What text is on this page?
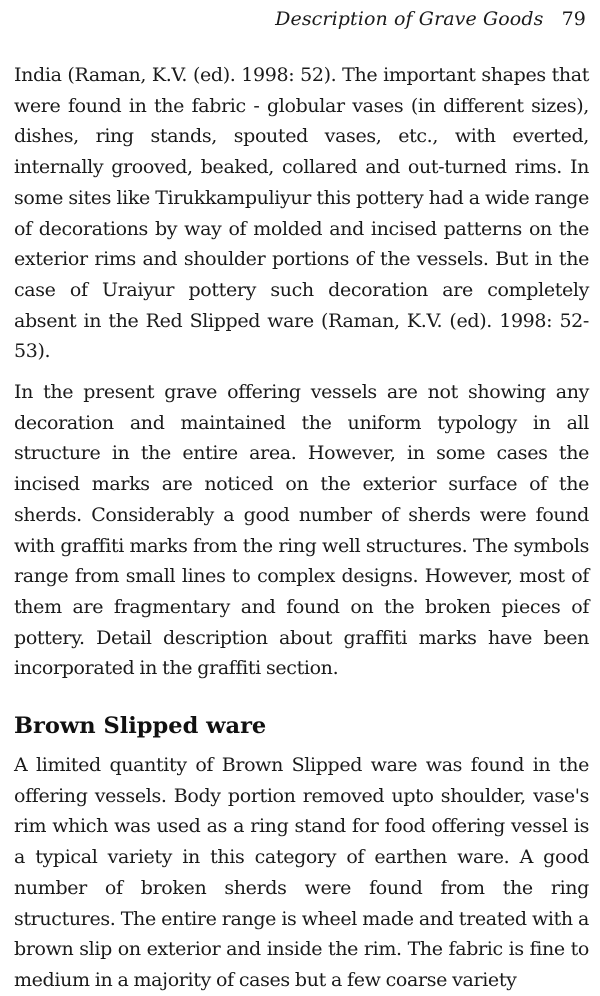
Description of Grave Goods 79

India (Raman, K.V. (ed). 1998: 52). The important shapes that were found in the fabric - globular vases (in different sizes), dishes, ring stands, spouted vases, etc., with everted, internally grooved, beaked, collared and out-turned rims. In some sites like Tirukkampuliyur this pottery had a wide range of decorations by way of molded and incised patterns on the exterior rims and shoulder portions of the vessels. But in the case of Uraiyur pottery such decoration are completely absent in the Red Slipped ware (Raman, K.V. (ed). 1998: 52-53).

In the present grave offering vessels are not showing any decoration and maintained the uniform typology in all structure in the entire area. However, in some cases the incised marks are noticed on the exterior surface of the sherds. Considerably a good number of sherds were found with graffiti marks from the ring well structures. The symbols range from small lines to complex designs. However, most of them are fragmentary and found on the broken pieces of pottery. Detail description about graffiti marks have been incorporated in the graffiti section.

Brown Slipped ware

A limited quantity of Brown Slipped ware was found in the offering vessels. Body portion removed upto shoulder, vase's rim which was used as a ring stand for food offering vessel is a typical variety in this category of earthen ware. A good number of broken sherds were found from the ring structures. The entire range is wheel made and treated with a brown slip on exterior and inside the rim. The fabric is fine to medium in a majority of cases but a few coarse variety
